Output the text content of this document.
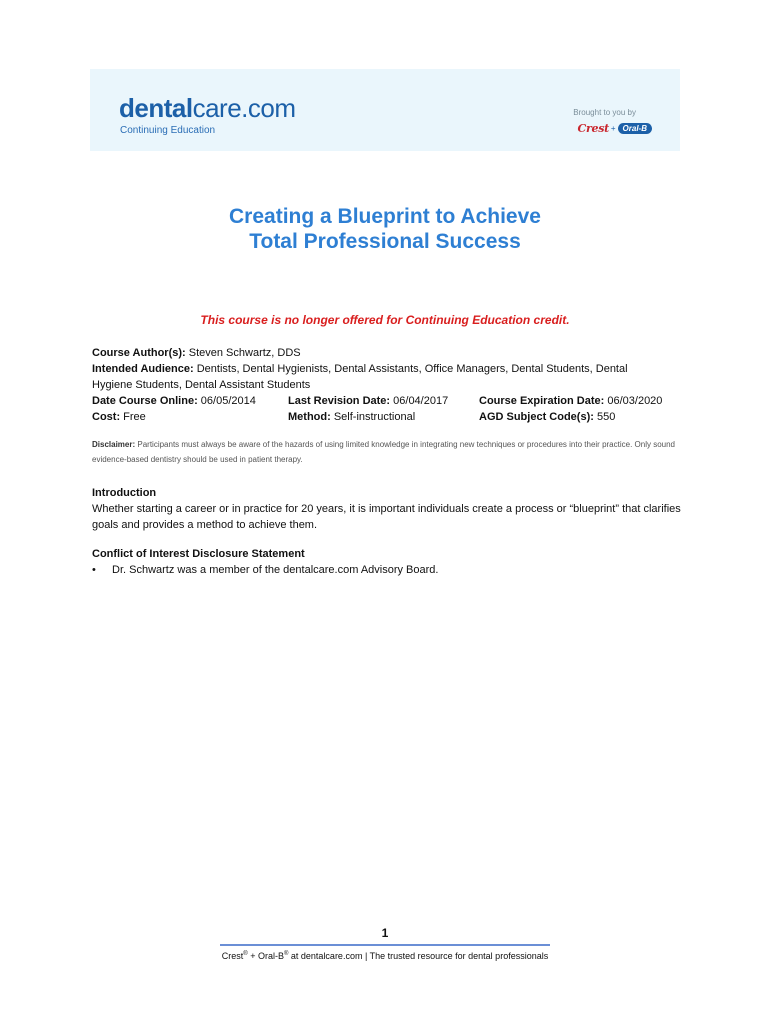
dentalcare.com
Continuing Education
Brought to you by
Crest + Oral-B
Creating a Blueprint to Achieve
Total Professional Success
This course is no longer offered for Continuing Education credit.
Course Author(s): Steven Schwartz, DDS
Intended Audience: Dentists, Dental Hygienists, Dental Assistants, Office Managers, Dental Students, Dental
Hygiene Students, Dental Assistant Students
Date Course Online: 06/05/2014	Last Revision Date: 06/04/2017	Course Expiration Date: 06/03/2020
Cost: Free	Method: Self-instructional	AGD Subject Code(s): 550
Disclaimer: Participants must always be aware of the hazards of using limited knowledge in integrating new techniques or procedures into their practice. Only sound evidence-based dentistry should be used in patient therapy.
Introduction
Whether starting a career or in practice for 20 years, it is important individuals create a process or “blueprint” that clarifies goals and provides a method to achieve them.
Conflict of Interest Disclosure Statement
•	Dr. Schwartz was a member of the dentalcare.com Advisory Board.
1
Crest® + Oral-B® at dentalcare.com | The trusted resource for dental professionals
